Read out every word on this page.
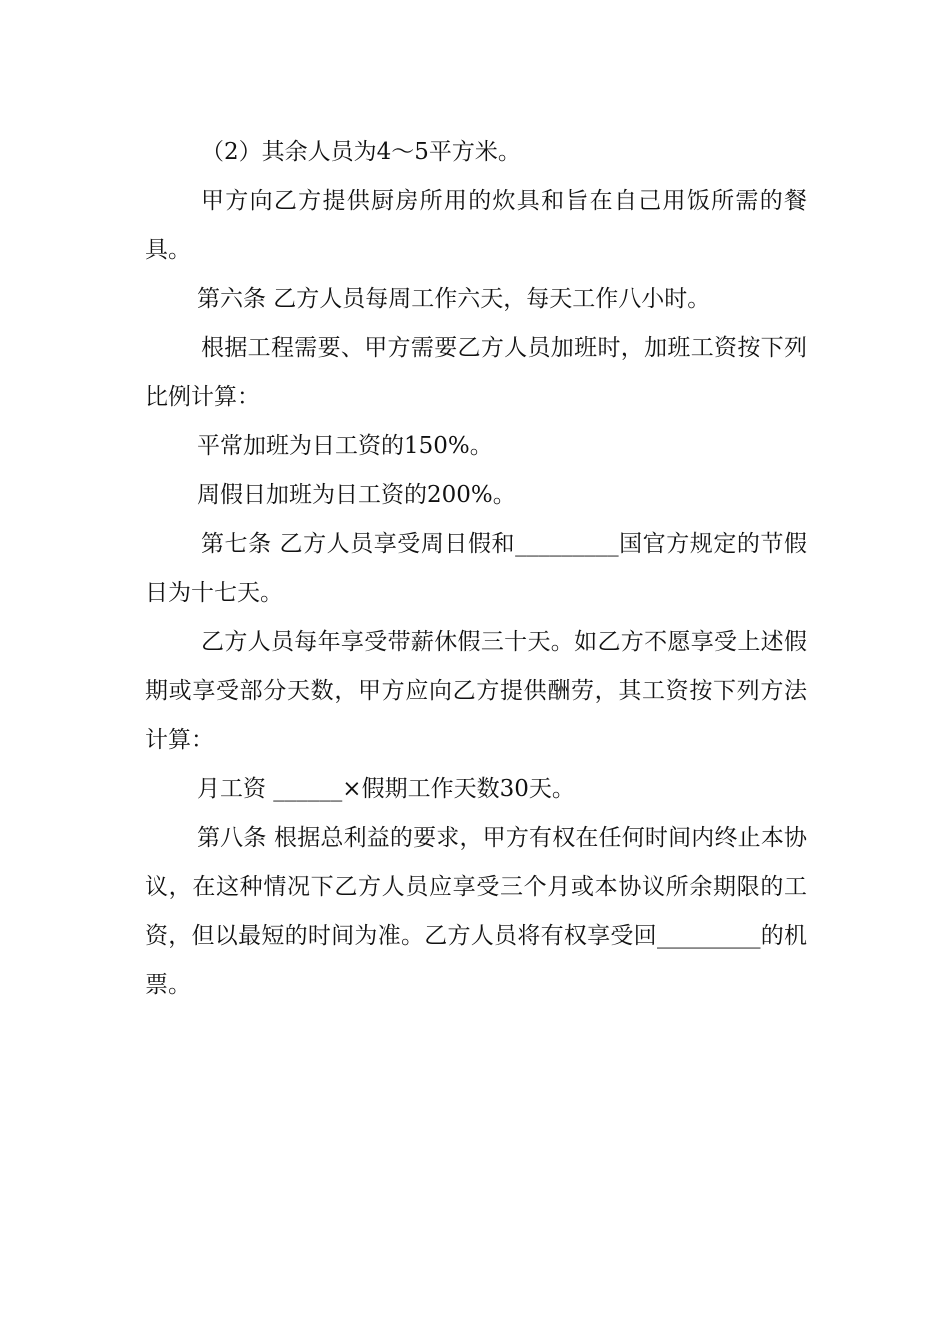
（2）其余人员为4～5平方米。

甲方向乙方提供厨房所用的炊具和旨在自己用饭所需的餐具。

第六条 乙方人员每周工作六天，每天工作八小时。

根据工程需要、甲方需要乙方人员加班时，加班工资按下列比例计算：

平常加班为日工资的150%。

周假日加班为日工资的200%。

第七条 乙方人员享受周日假和_________国官方规定的节假日为十七天。

乙方人员每年享受带薪休假三十天。如乙方不愿享受上述假期或享受部分天数，甲方应向乙方提供酬劳，其工资按下列方法计算：

月工资 ______×假期工作天数30天。

第八条 根据总利益的要求，甲方有权在任何时间内终止本协议，在这种情况下乙方人员应享受三个月或本协议所余期限的工资，但以最短的时间为准。乙方人员将有权享受回_________的机票。
